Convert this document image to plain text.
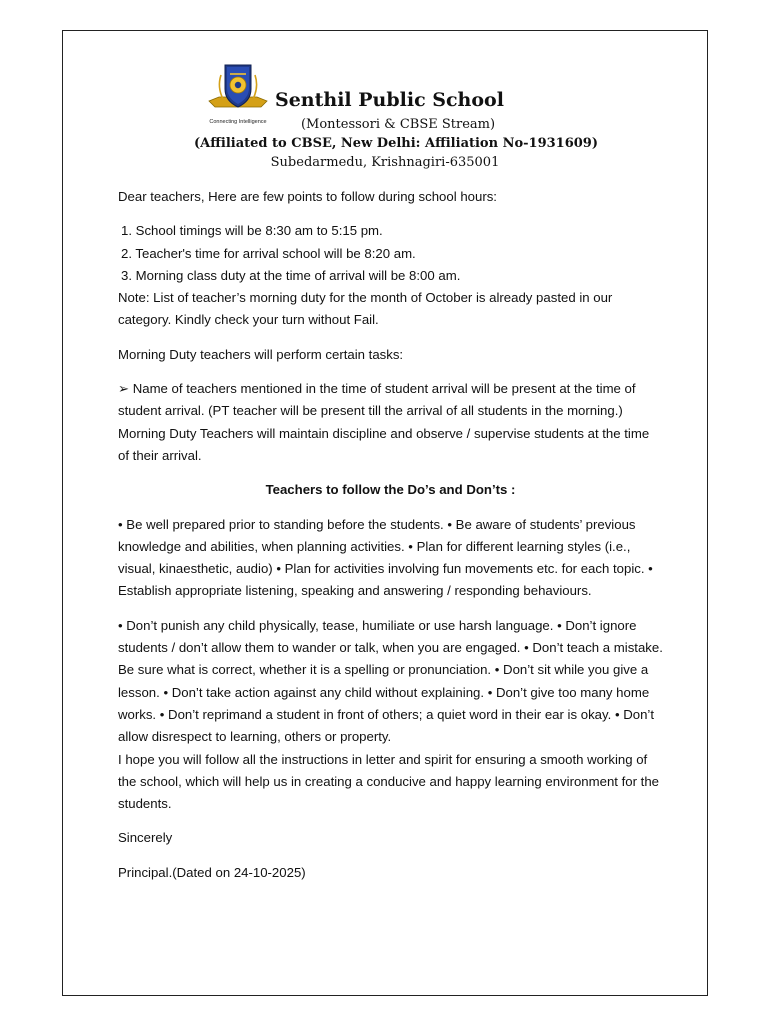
Connecting Intelligence
Senthil Public School
(Montessori & CBSE Stream)
(Affiliated to CBSE, New Delhi: Affiliation No-1931609)
Subedarmedu, Krishnagiri-635001

Dear teachers, Here are few points to follow during school hours:

1. School timings will be 8:30 am to 5:15 pm.

2. Teacher's time for arrival school will be 8:20 am.

3. Morning class duty at the time of arrival will be 8:00 am.

Note: List of teacher’s morning duty for the month of October is already pasted in our category. Kindly check your turn without Fail.

Morning Duty teachers will perform certain tasks:

➢ Name of teachers mentioned in the time of student arrival will be present at the time of student arrival. (PT teacher will be present till the arrival of all students in the morning.) Morning Duty Teachers will maintain discipline and observe / supervise students at the time of their arrival.

Teachers to follow the Do’s and Don’ts :

• Be well prepared prior to standing before the students. • Be aware of students’ previous knowledge and abilities, when planning activities. • Plan for different learning styles (i.e., visual, kinaesthetic, audio) • Plan for activities involving fun movements etc. for each topic. • Establish appropriate listening, speaking and answering / responding behaviours.

• Don’t punish any child physically, tease, humiliate or use harsh language. • Don’t ignore students / don’t allow them to wander or talk, when you are engaged. • Don’t teach a mistake. Be sure what is correct, whether it is a spelling or pronunciation. • Don’t sit while you give a lesson. • Don’t take action against any child without explaining. • Don’t give too many home works. • Don’t reprimand a student in front of others; a quiet word in their ear is okay. • Don’t allow disrespect to learning, others or property.

I hope you will follow all the instructions in letter and spirit for ensuring a smooth working of the school, which will help us in creating a conducive and happy learning environment for the students.

Sincerely

Principal.(Dated on 24-10-2025)
